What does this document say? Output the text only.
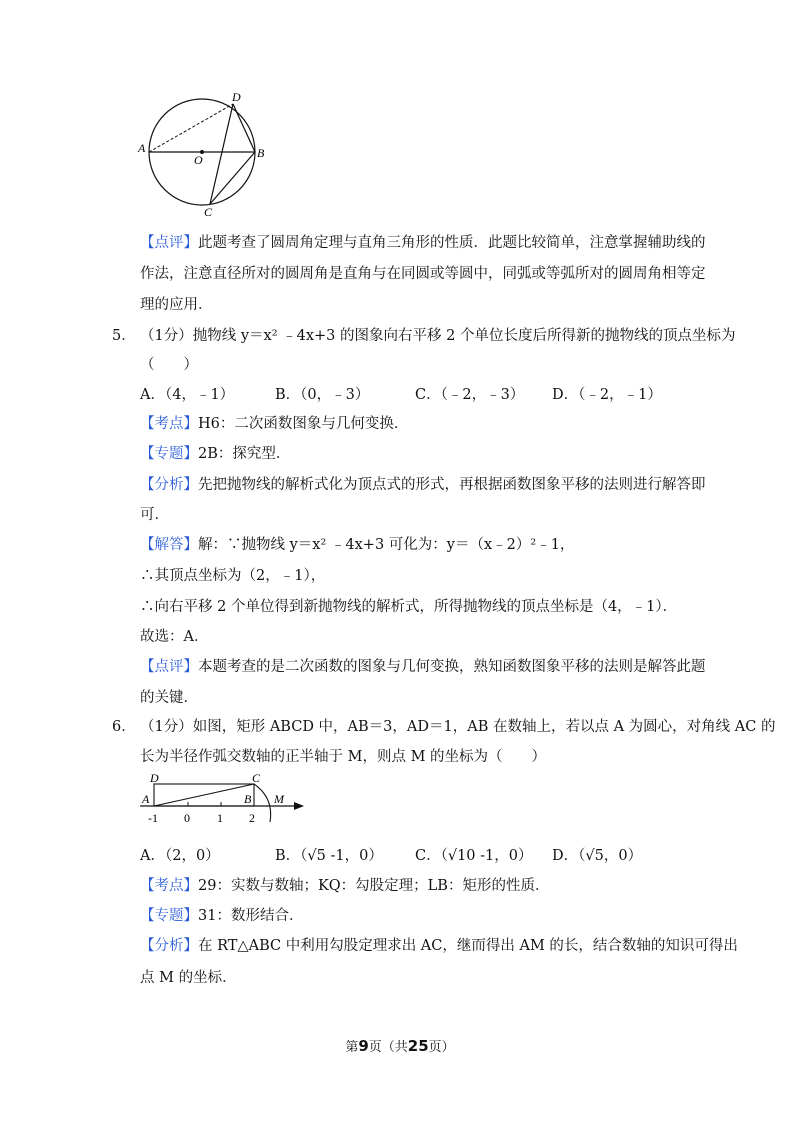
A	B
C
D
O
【点评】此题考查了圆周角定理与直角三角形的性质．此题比较简单，注意掌握辅助线的
作法，注意直径所对的圆周角是直角与在同圆或等圆中，同弧或等弧所对的圆周角相等定
理的应用．
5． （1分）抛物线 y＝x² ﹣4x+3 的图象向右平移 2 个单位长度后所得新的抛物线的顶点坐标为
（　　）
A．（4，﹣1）	B．（0，﹣3）	C．（﹣2，﹣3） D．（﹣2，﹣1）
【考点】H6：二次函数图象与几何变换．
【专题】2B：探究型．
【分析】先把抛物线的解析式化为顶点式的形式，再根据函数图象平移的法则进行解答即
可．
【解答】解：∵抛物线 y＝x² ﹣4x+3 可化为：y＝（x﹣2）²﹣1，
∴其顶点坐标为（2，﹣1），
∴向右平移 2 个单位得到新抛物线的解析式，所得抛物线的顶点坐标是（4，﹣1）．
故选：A．
【点评】本题考查的是二次函数的图象与几何变换，熟知函数图象平移的法则是解答此题
的关键．
6． （1分）如图，矩形 ABCD 中，AB＝3，AD＝1，AB 在数轴上，若以点 A 为圆心，对角线 AC 的
长为半径作弧交数轴的正半轴于 M，则点 M 的坐标为（　　）
D	C
A	B M
-1 0 1 2
A．（2，0）	B．（√5 -1，0） C．（√10 -1，0） D．（√5，0）
【考点】29：实数与数轴；KQ：勾股定理；LB：矩形的性质．
【专题】31：数形结合．
【分析】在 RT△ABC 中利用勾股定理求出 AC，继而得出 AM 的长，结合数轴的知识可得出
点 M 的坐标．
第9页（共25页）
